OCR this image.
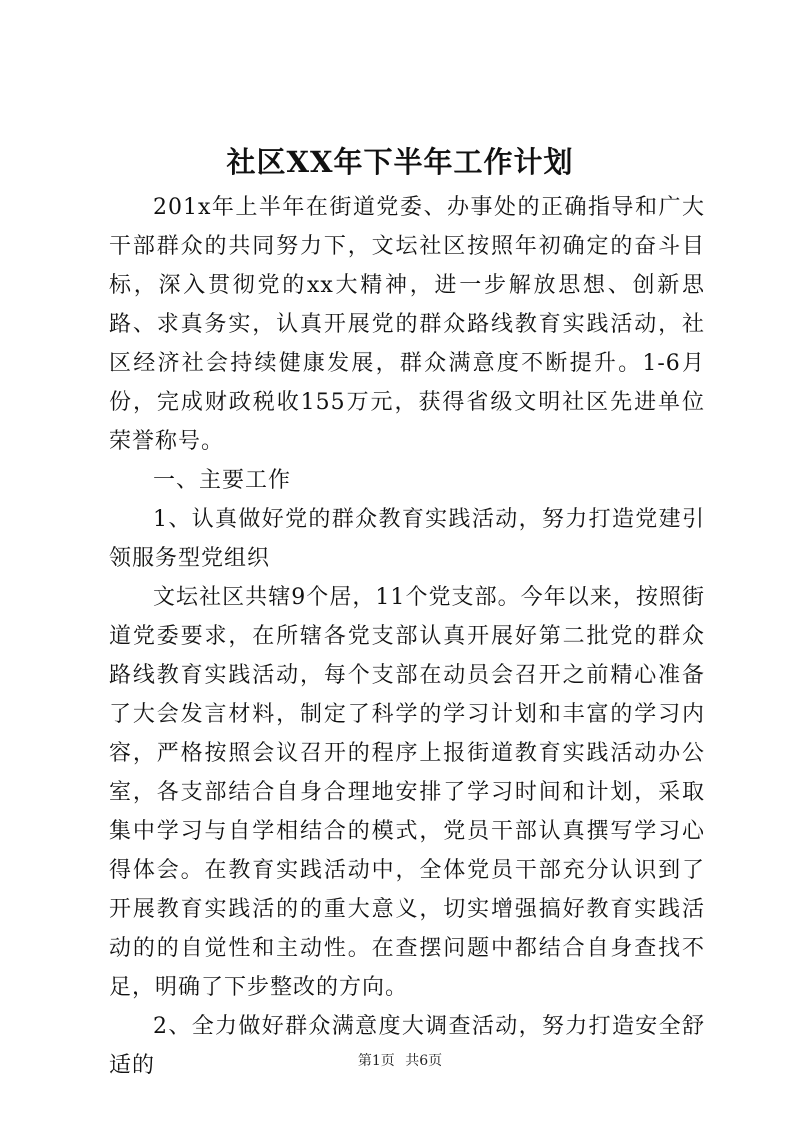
社区XX年下半年工作计划

201x年上半年在街道党委、办事处的正确指导和广大干部群众的共同努力下，文坛社区按照年初确定的奋斗目标，深入贯彻党的xx大精神，进一步解放思想、创新思路、求真务实，认真开展党的群众路线教育实践活动，社区经济社会持续健康发展，群众满意度不断提升。1-6月份，完成财政税收155万元，获得省级文明社区先进单位荣誉称号。

一、主要工作

1、认真做好党的群众教育实践活动，努力打造党建引领服务型党组织

文坛社区共辖9个居，11个党支部。今年以来，按照街道党委要求，在所辖各党支部认真开展好第二批党的群众路线教育实践活动，每个支部在动员会召开之前精心准备了大会发言材料，制定了科学的学习计划和丰富的学习内容，严格按照会议召开的程序上报街道教育实践活动办公室，各支部结合自身合理地安排了学习时间和计划，采取集中学习与自学相结合的模式，党员干部认真撰写学习心得体会。在教育实践活动中，全体党员干部充分认识到了开展教育实践活的的重大意义，切实增强搞好教育实践活动的的自觉性和主动性。在查摆问题中都结合自身查找不足，明确了下步整改的方向。

2、全力做好群众满意度大调查活动，努力打造安全舒适的	第1页 共6页
